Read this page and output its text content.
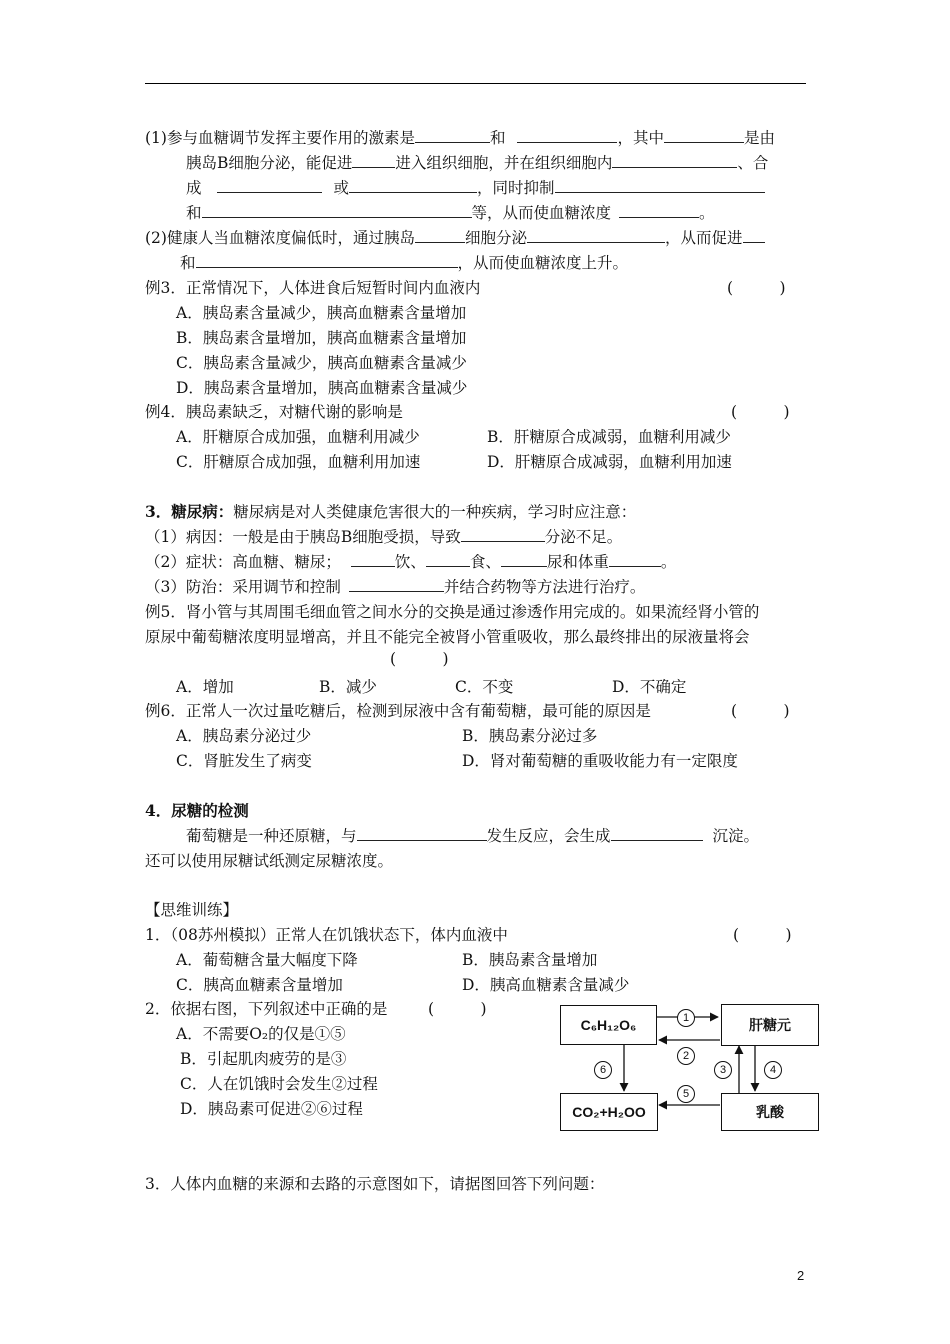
(1)参与血糖调节发挥主要作用的激素是	和	，其中	是由
胰岛B细胞分泌，能促进	进入组织细胞，并在组织细胞内	、合
成	或	，同时抑制
和	等，从而使血糖浓度	。
(2)健康人当血糖浓度偏低时，通过胰岛	细胞分泌	，从而促进
和	，从而使血糖浓度上升。
例3．正常情况下，人体进食后短暂时间内血液内	(　　　)
A．胰岛素含量减少，胰高血糖素含量增加
B．胰岛素含量增加，胰高血糖素含量增加
C．胰岛素含量减少，胰高血糖素含量减少
D．胰岛素含量增加，胰高血糖素含量减少
例4．胰岛素缺乏，对糖代谢的影响是	(　　　)
A．肝糖原合成加强，血糖利用减少	B．肝糖原合成减弱，血糖利用减少
C．肝糖原合成加强，血糖利用加速	D．肝糖原合成减弱，血糖利用加速
3．糖尿病：糖尿病是对人类健康危害很大的一种疾病，学习时应注意：
（1）病因：一般是由于胰岛B细胞受损，导致	分泌不足。
（2）症状：高血糖、糖尿；	饮、	食、	尿和体重	。
（3）防治：采用调节和控制	并结合药物等方法进行治疗。
例5．肾小管与其周围毛细血管之间水分的交换是通过渗透作用完成的。如果流经肾小管的
原尿中葡萄糖浓度明显增高，并且不能完全被肾小管重吸收，那么最终排出的尿液量将会
(　　　)
A．增加	B．减少	C．不变	D．不确定
例6．正常人一次过量吃糖后，检测到尿液中含有葡萄糖，最可能的原因是	(　　　)
A．胰岛素分泌过少	B．胰岛素分泌过多
C．肾脏发生了病变	D．肾对葡萄糖的重吸收能力有一定限度
4．尿糖的检测
葡萄糖是一种还原糖，与	发生反应，会生成	沉淀。
还可以使用尿糖试纸测定尿糖浓度。
【思维训练】
1．（08苏州模拟）正常人在饥饿状态下，体内血液中	(　　　)
A．葡萄糖含量大幅度下降	B．胰岛素含量增加
C．胰高血糖素含量增加	D．胰高血糖素含量减少
2．依据右图，下列叙述中正确的是	(　　　)
A．不需要O₂的仅是①⑤
B．引起肌肉疲劳的是③
C．人在饥饿时会发生②过程
D．胰岛素可促进②⑥过程
C₆H₁₂O₆	肝糖元
CO₂+H₂OO	乳酸
1
2
3	4
5
6
3．人体内血糖的来源和去路的示意图如下，请据图回答下列问题：
2
